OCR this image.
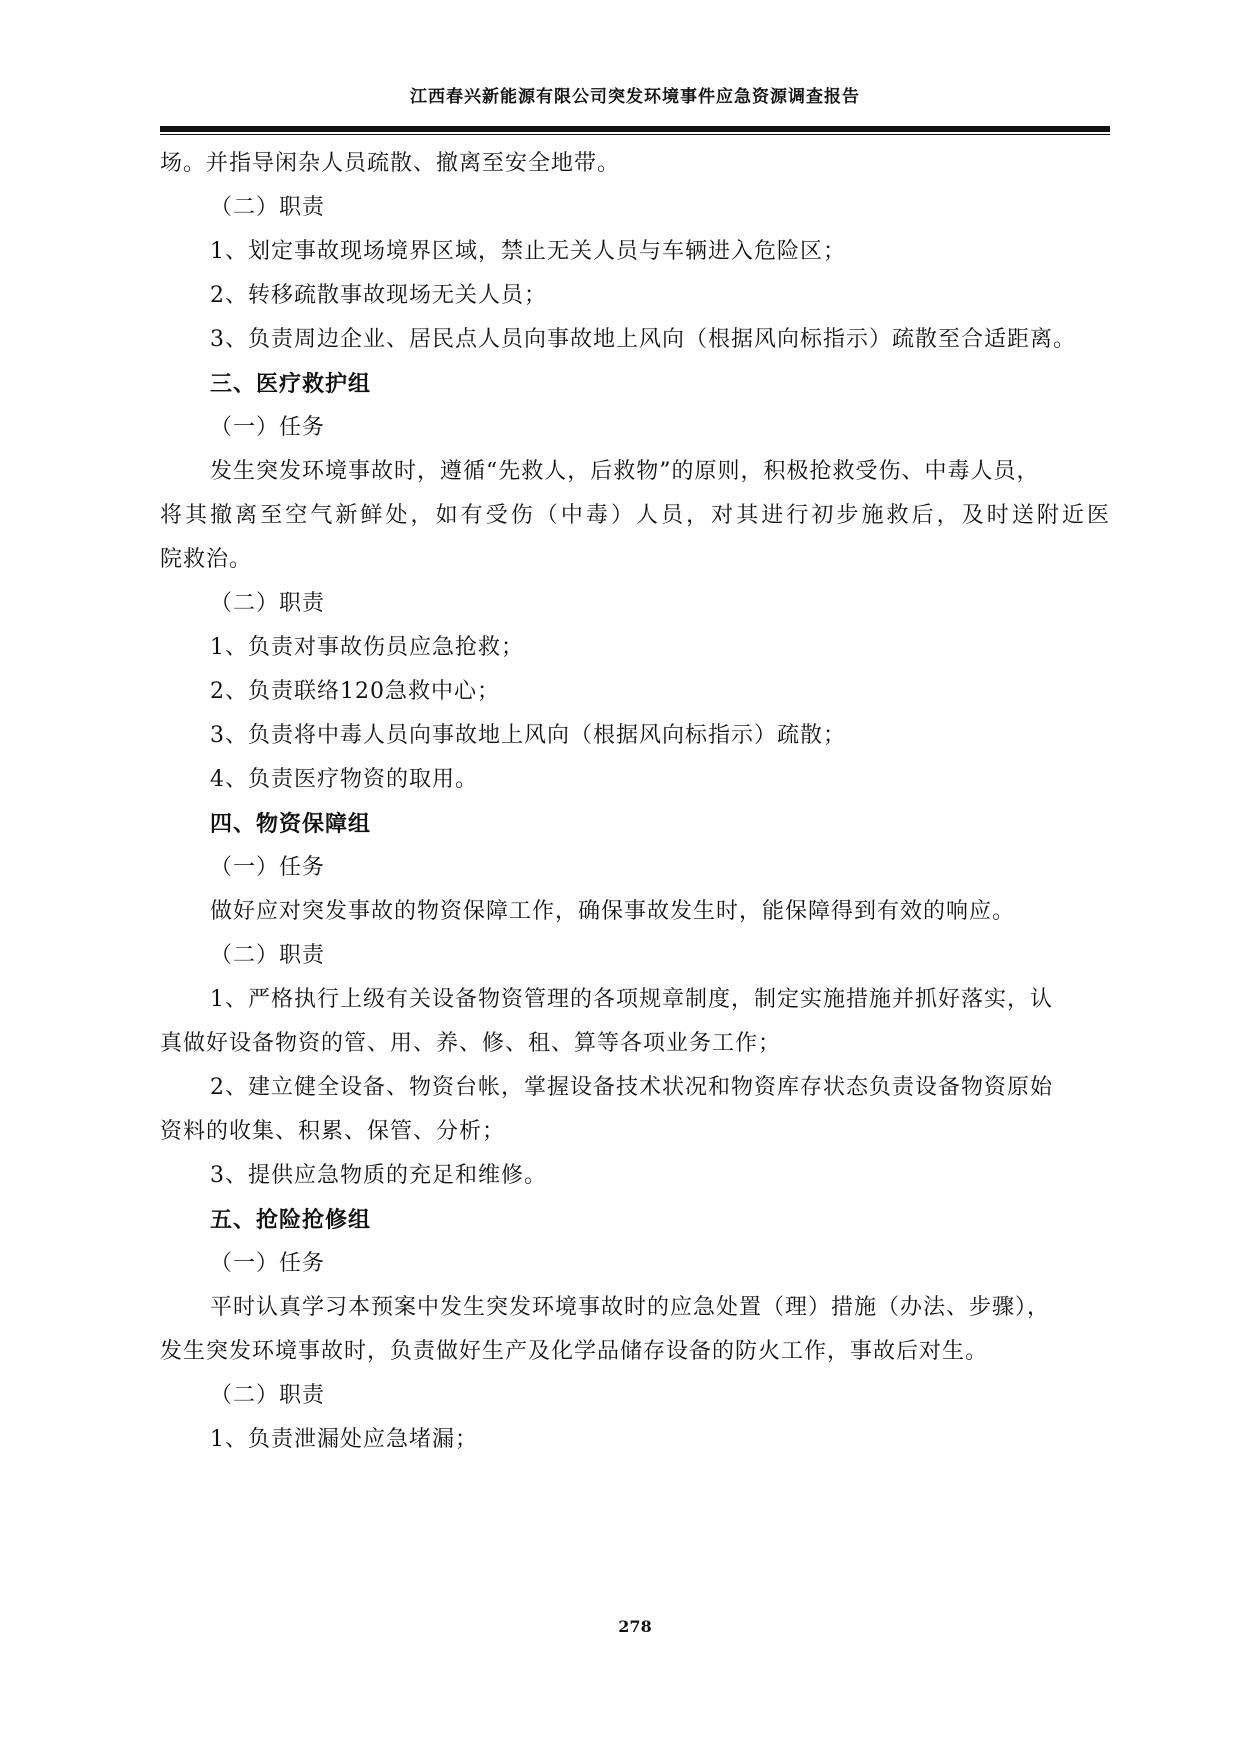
江西春兴新能源有限公司突发环境事件应急资源调查报告
场。并指导闲杂人员疏散、撤离至安全地带。
（二）职责
1、划定事故现场境界区域，禁止无关人员与车辆进入危险区；
2、转移疏散事故现场无关人员；
3、负责周边企业、居民点人员向事故地上风向（根据风向标指示）疏散至合适距离。
三、医疗救护组
（一）任务
发生突发环境事故时，遵循“先救人，后救物”的原则，积极抢救受伤、中毒人员，
将其撤离至空气新鲜处，如有受伤（中毒）人员，对其进行初步施救后，及时送附近医
院救治。
（二）职责
1、负责对事故伤员应急抢救；
2、负责联络120急救中心；
3、负责将中毒人员向事故地上风向（根据风向标指示）疏散；
4、负责医疗物资的取用。
四、物资保障组
（一）任务
做好应对突发事故的物资保障工作，确保事故发生时，能保障得到有效的响应。
（二）职责
1、严格执行上级有关设备物资管理的各项规章制度，制定实施措施并抓好落实，认
真做好设备物资的管、用、养、修、租、算等各项业务工作；
2、建立健全设备、物资台帐，掌握设备技术状况和物资库存状态负责设备物资原始
资料的收集、积累、保管、分析；
3、提供应急物质的充足和维修。
五、抢险抢修组
（一）任务
平时认真学习本预案中发生突发环境事故时的应急处置（理）措施（办法、步骤），
发生突发环境事故时，负责做好生产及化学品储存设备的防火工作，事故后对生。
（二）职责
1、负责泄漏处应急堵漏；
278
